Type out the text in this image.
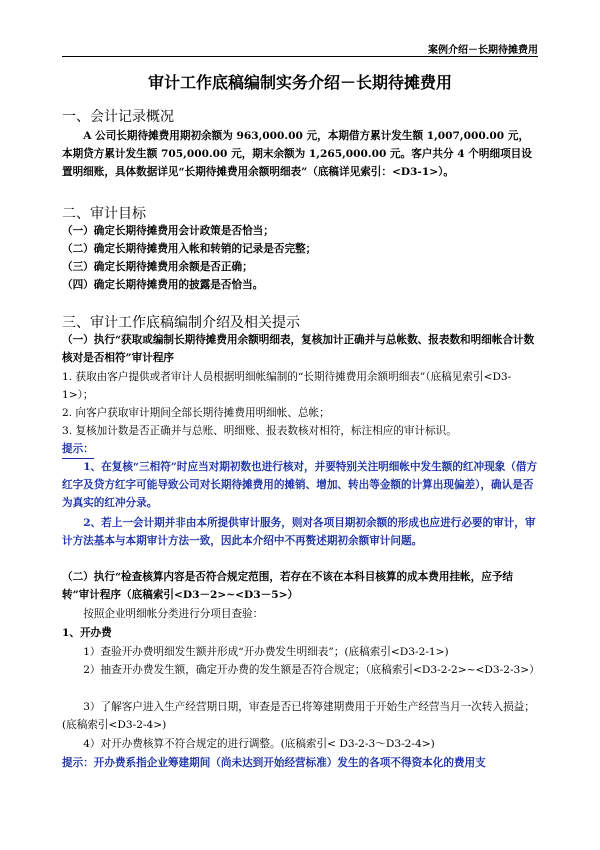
案例介绍－长期待摊费用
审计工作底稿编制实务介绍－长期待摊费用
一、会计记录概况
A 公司长期待摊费用期初余额为 963,000.00 元，本期借方累计发生额 1,007,000.00 元，本期贷方累计发生额 705,000.00 元，期末余额为 1,265,000.00 元。客户共分 4 个明细项目设置明细账，具体数据详见“长期待摊费用余额明细表”（底稿详见索引：<D3-1>）。
二、审计目标
（一）确定长期待摊费用会计政策是否恰当；
（二）确定长期待摊费用入帐和转销的记录是否完整；
（三）确定长期待摊费用余额是否正确；
（四）确定长期待摊费用的披露是否恰当。
三、审计工作底稿编制介绍及相关提示
（一）执行“获取或编制长期待摊费用余额明细表，复核加计正确并与总帐数、报表数和明细帐合计数核对是否相符”审计程序
1. 获取由客户提供或者审计人员根据明细帐编制的“长期待摊费用余额明细表”（底稿见索引<D3-1>）；
2. 向客户获取审计期间全部长期待摊费用明细帐、总帐；
3. 复核加计数是否正确并与总账、明细账、报表数核对相符，标注相应的审计标识。
提示：
1、在复核“三相符”时应当对期初数也进行核对，并要特别关注明细帐中发生额的红冲现象（借方红字及贷方红字可能导致公司对长期待摊费用的摊销、增加、转出等金额的计算出现偏差），确认是否为真实的红冲分录。
2、若上一会计期并非由本所提供审计服务，则对各项目期初余额的形成也应进行必要的审计，审计方法基本与本期审计方法一致，因此本介绍中不再赘述期初余额审计问题。
（二）执行“检查核算内容是否符合规定范围，若存在不该在本科目核算的成本费用挂帐，应予结转”审计程序（底稿索引<D3－2>~<D3－5>）
按照企业明细帐分类进行分项目查验：
1、开办费
1）查验开办费明细发生额并形成“开办费发生明细表”；(底稿索引<D3-2-1>)
2）抽查开办费发生额，确定开办费的发生额是否符合规定；（底稿索引<D3-2-2>~<D3-2-3>）
3）了解客户进入生产经营期日期，审查是否已将筹建期费用于开始生产经营当月一次转入损益；(底稿索引<D3-2-4>)
4）对开办费核算不符合规定的进行调整。(底稿索引< D3-2-3～D3-2-4>)
提示：开办费系指企业筹建期间（尚未达到开始经营标准）发生的各项不得资本化的费用支
